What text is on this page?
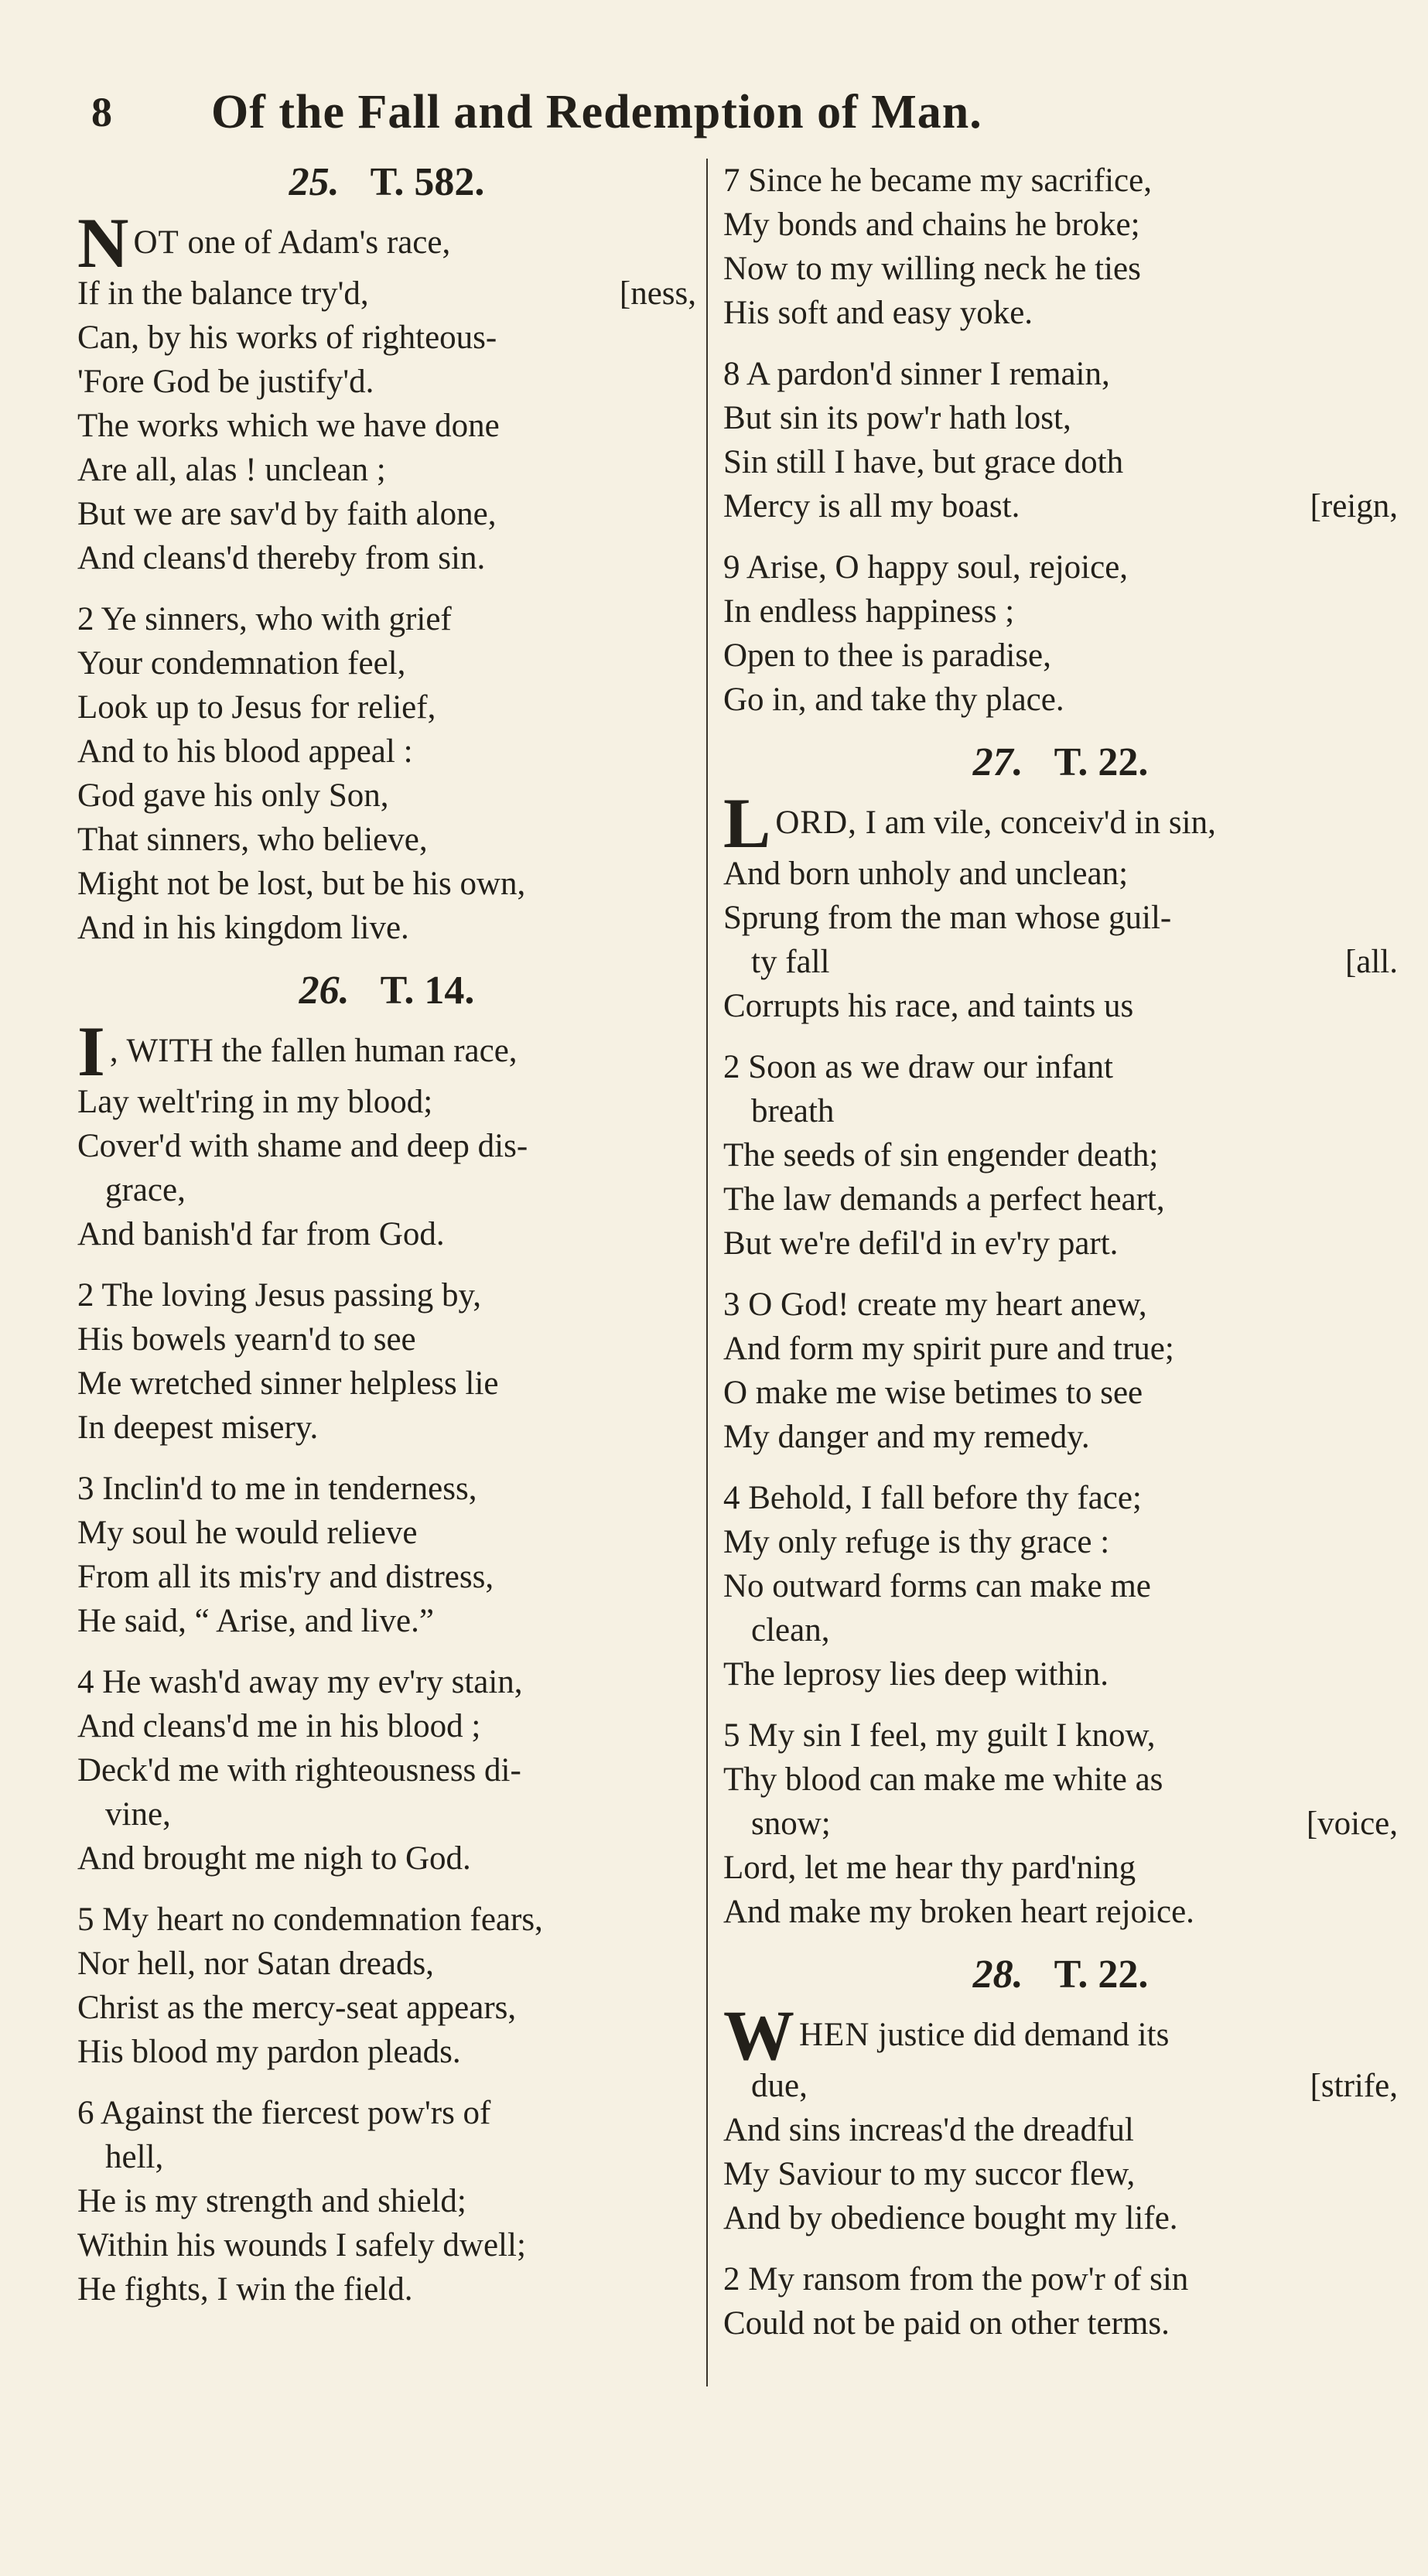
8	Of the Fall and Redemption of Man.
25. T. 582.
NOT one of Adam's race,
If in the balance try'd,	[ness,
Can, by his works of righteous-
'Fore God be justify'd.
The works which we have done
Are all, alas ! unclean ;
But we are sav'd by faith alone,
And cleans'd thereby from sin.
2 Ye sinners, who with grief
Your condemnation feel,
Look up to Jesus for relief,
And to his blood appeal :
God gave his only Son,
That sinners, who believe,
Might not be lost, but be his own,
And in his kingdom live.
26. T. 14.
I , WITH the fallen human race,
Lay welt'ring in my blood;
Cover'd with shame and deep dis-
grace,
And banish'd far from God.
2 The loving Jesus passing by,
His bowels yearn'd to see
Me wretched sinner helpless lie
In deepest misery.
3 Inclin'd to me in tenderness,
My soul he would relieve
From all its mis'ry and distress,
He said, “ Arise, and live.”
4 He wash'd away my ev'ry stain,
And cleans'd me in his blood ;
Deck'd me with righteousness di-
vine,
And brought me nigh to God.
5 My heart no condemnation fears,
Nor hell, nor Satan dreads,
Christ as the mercy-seat appears,
His blood my pardon pleads.
6 Against the fiercest pow'rs of
hell,
He is my strength and shield;
Within his wounds I safely dwell;
He fights, I win the field.
7 Since he became my sacrifice,
My bonds and chains he broke;
Now to my willing neck he ties
His soft and easy yoke.
8 A pardon'd sinner I remain,
But sin its pow'r hath lost,
Sin still I have, but grace doth
Mercy is all my boast.	[reign,
9 Arise, O happy soul, rejoice,
In endless happiness ;
Open to thee is paradise,
Go in, and take thy place.
27. T. 22.
LORD, I am vile, conceiv'd in sin,
And born unholy and unclean;
Sprung from the man whose guil-
ty fall	[all.
Corrupts his race, and taints us
2 Soon as we draw our infant
breath
The seeds of sin engender death;
The law demands a perfect heart,
But we're defil'd in ev'ry part.
3 O God! create my heart anew,
And form my spirit pure and true;
O make me wise betimes to see
My danger and my remedy.
4 Behold, I fall before thy face;
My only refuge is thy grace :
No outward forms can make me
clean,
The leprosy lies deep within.
5 My sin I feel, my guilt I know,
Thy blood can make me white as
snow;	[voice,
Lord, let me hear thy pard'ning
And make my broken heart rejoice.
28. T. 22.
WHEN justice did demand its
due,	[strife,
And sins increas'd the dreadful
My Saviour to my succor flew,
And by obedience bought my life.
2 My ransom from the pow'r of sin
Could not be paid on other terms.
